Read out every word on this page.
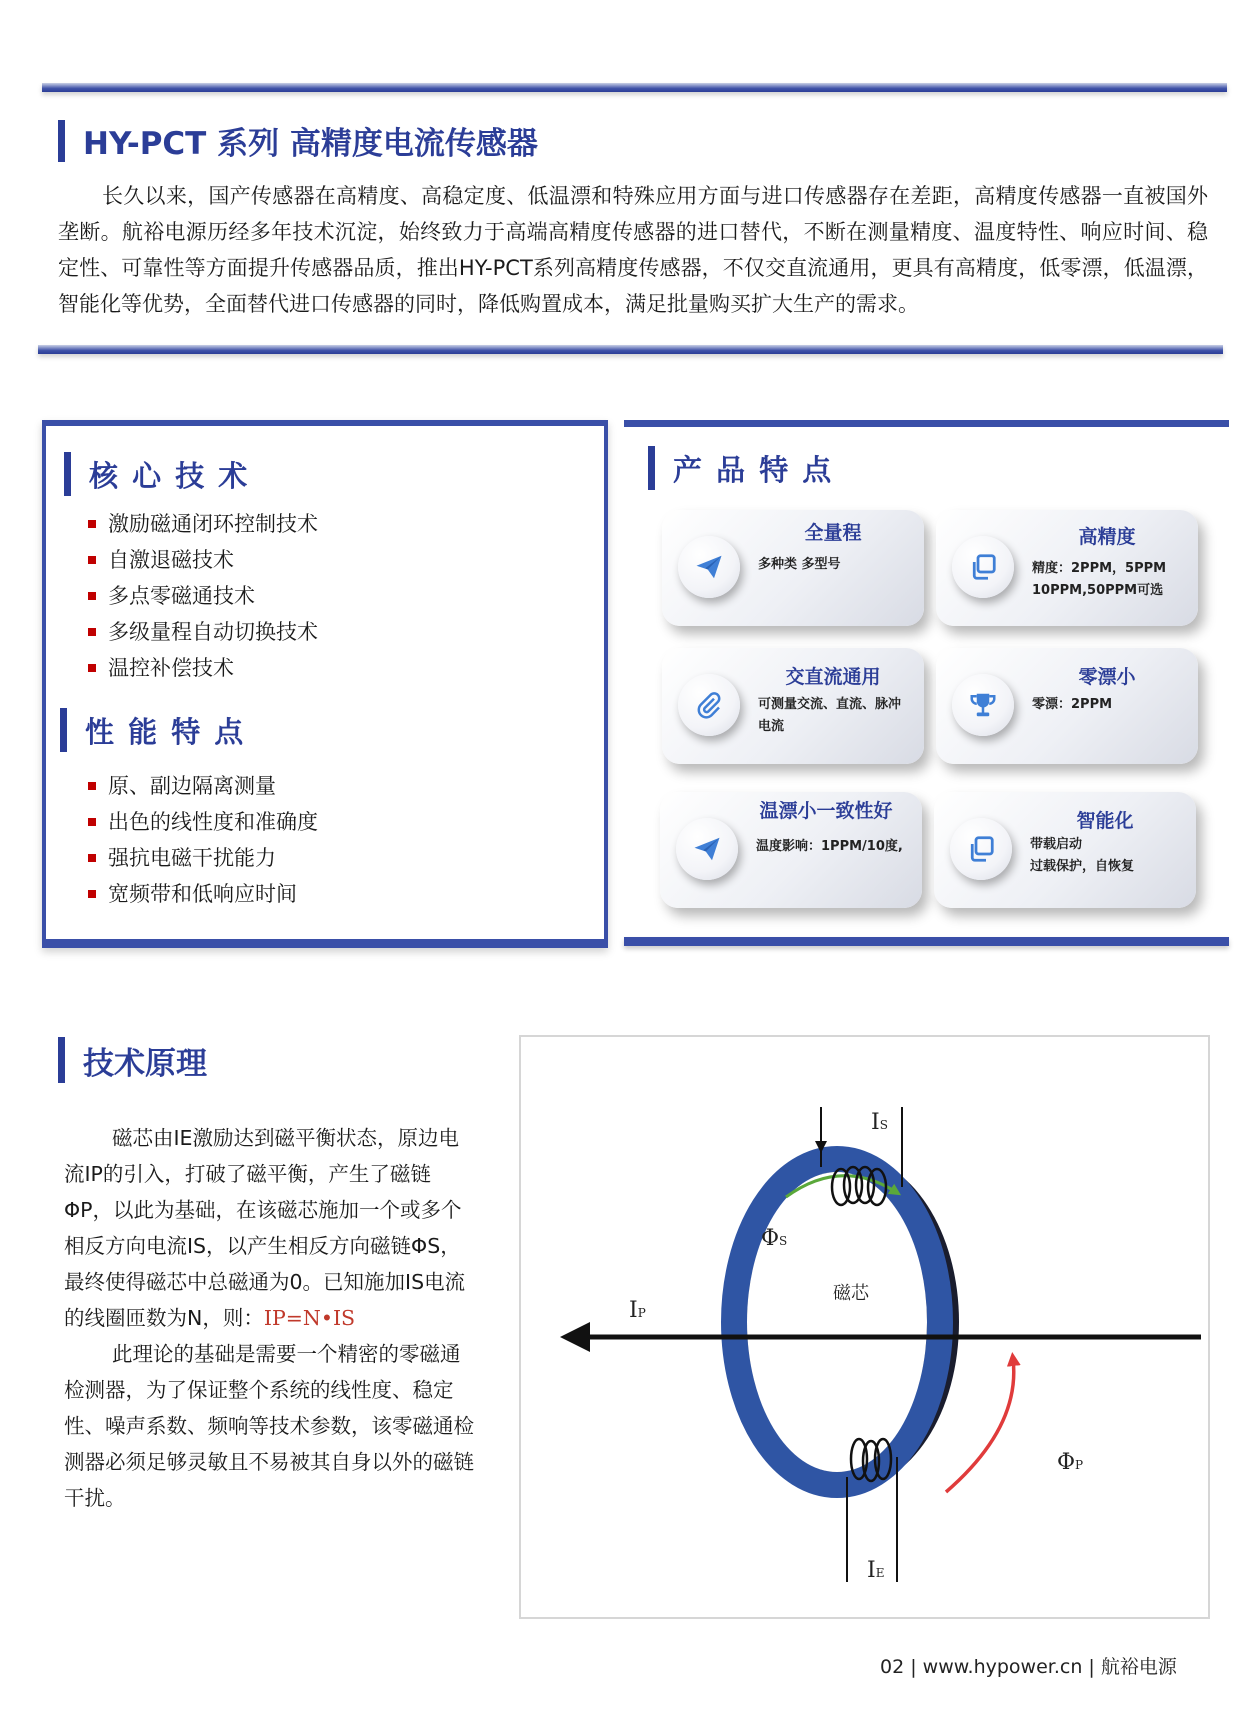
HY-PCT 系列 高精度电流传感器
长久以来，国产传感器在高精度、高稳定度、低温漂和特殊应用方面与进口传感器存在差距，高精度传感器一直被国外垄断。航裕电源历经多年技术沉淀，始终致力于高端高精度传感器的进口替代，不断在测量精度、温度特性、响应时间、稳定性、可靠性等方面提升传感器品质，推出HY-PCT系列高精度传感器，不仅交直流通用，更具有高精度，低零漂，低温漂，智能化等优势，全面替代进口传感器的同时，降低购置成本，满足批量购买扩大生产的需求。
核 心 技 术
激励磁通闭环控制技术
自激退磁技术
多点零磁通技术
多级量程自动切换技术
温控补偿技术
性 能 特 点
原、副边隔离测量
出色的线性度和准确度
强抗电磁干扰能力
宽频带和低响应时间
产 品 特 点
全量程
多种类 多型号
高精度
精度：2PPM，5PPM
10PPM,50PPM可选
交直流通用
可测量交流、直流、脉冲
电流
零漂小
零漂：2PPM
温漂小一致性好
温度影响：1PPM/10度,
智能化
带载启动
过载保护，自恢复
技术原理

磁芯由IE激励达到磁平衡状态，原边电流IP的引入，打破了磁平衡，产生了磁链ΦP，以此为基础，在该磁芯施加一个或多个相反方向电流IS，以产生相反方向磁链ΦS，最终使得磁芯中总磁通为0。已知施加IS电流的线圈匝数为N，则：IP=N•IS

此理论的基础是需要一个精密的零磁通检测器，为了保证整个系统的线性度、稳定性、噪声系数、频响等技术参数，该零磁通检测器必须足够灵敏且不易被其自身以外的磁链干扰。

磁芯
IS
ΦS
IP
ΦP
IE
02 | www.hypower.cn | 航裕电源
